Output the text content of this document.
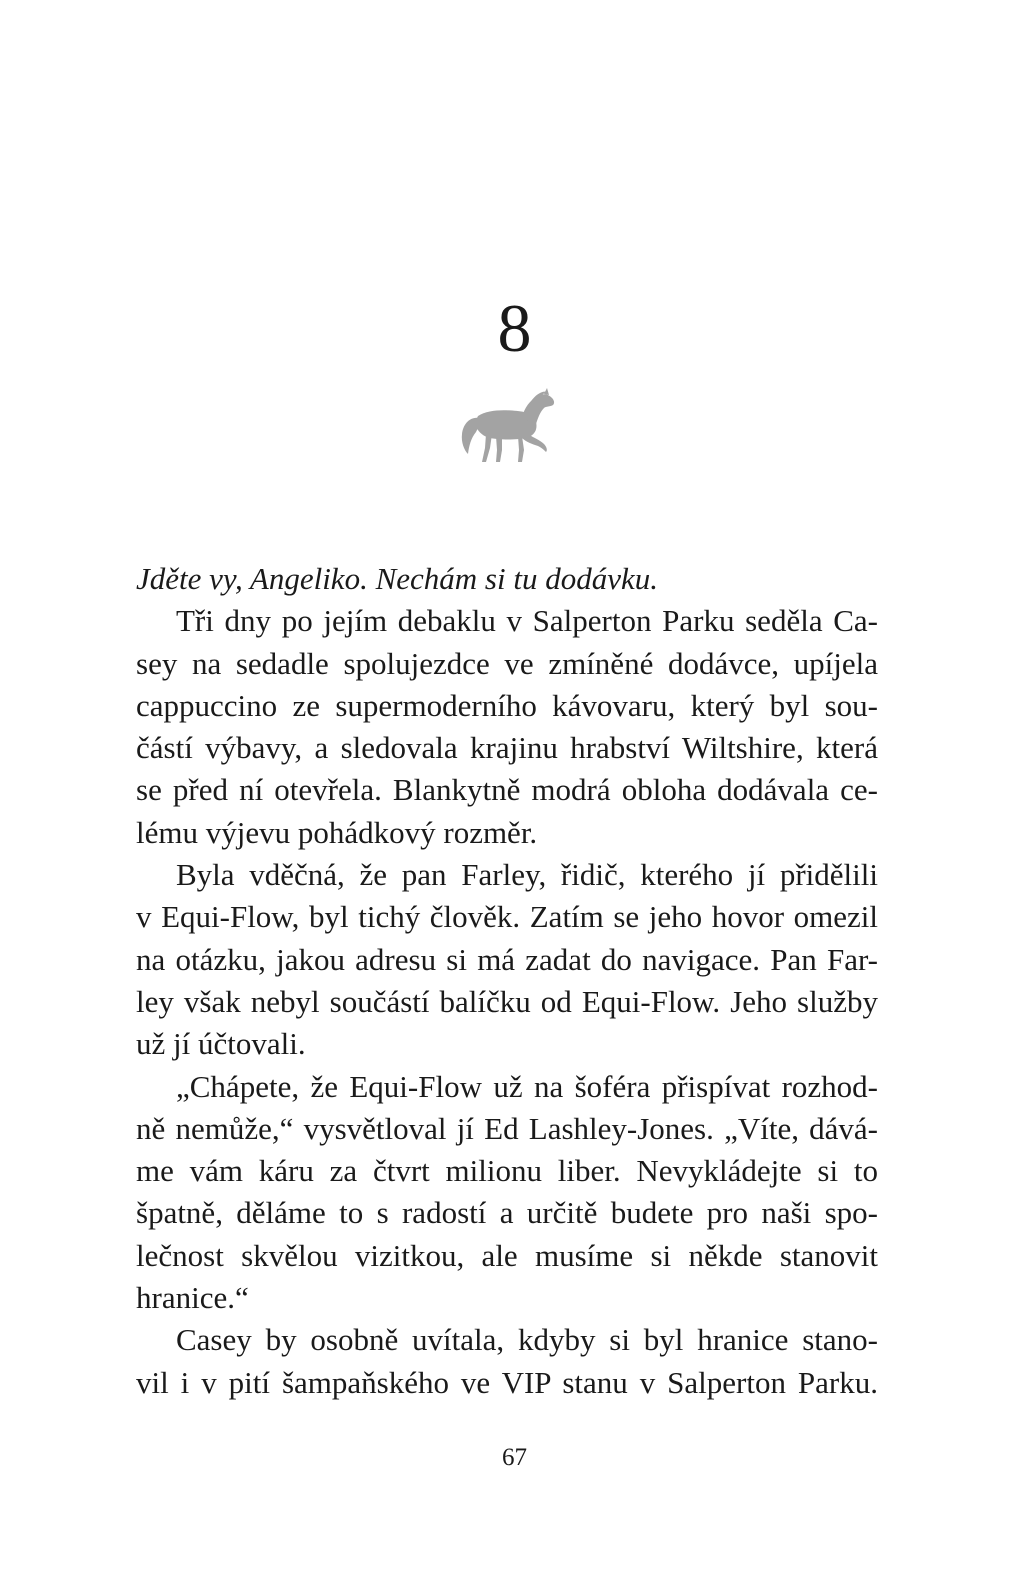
8
Jděte vy, Angeliko. Nechám si tu dodávku.
Tři dny po jejím debaklu v Salperton Parku seděla Ca-
sey na sedadle spolujezdce ve zmíněné dodávce, upíjela
cappuccino ze supermoderního kávovaru, který byl sou-
částí výbavy, a sledovala krajinu hrabství Wiltshire, která
se před ní otevřela. Blankytně modrá obloha dodávala ce-
lému výjevu pohádkový rozměr.
Byla vděčná, že pan Farley, řidič, kterého jí přidělili
v Equi-Flow, byl tichý člověk. Zatím se jeho hovor omezil
na otázku, jakou adresu si má zadat do navigace. Pan Far-
ley však nebyl součástí balíčku od Equi-Flow. Jeho služby
už jí účtovali.
„Chápete, že Equi-Flow už na šoféra přispívat rozhod-
ně nemůže,“ vysvětloval jí Ed Lashley-Jones. „Víte, dává-
me vám káru za čtvrt milionu liber. Nevykládejte si to
špatně, děláme to s radostí a určitě budete pro naši spo-
lečnost skvělou vizitkou, ale musíme si někde stanovit
hranice.“
Casey by osobně uvítala, kdyby si byl hranice stano-
vil i v pití šampaňského ve VIP stanu v Salperton Parku.
67
